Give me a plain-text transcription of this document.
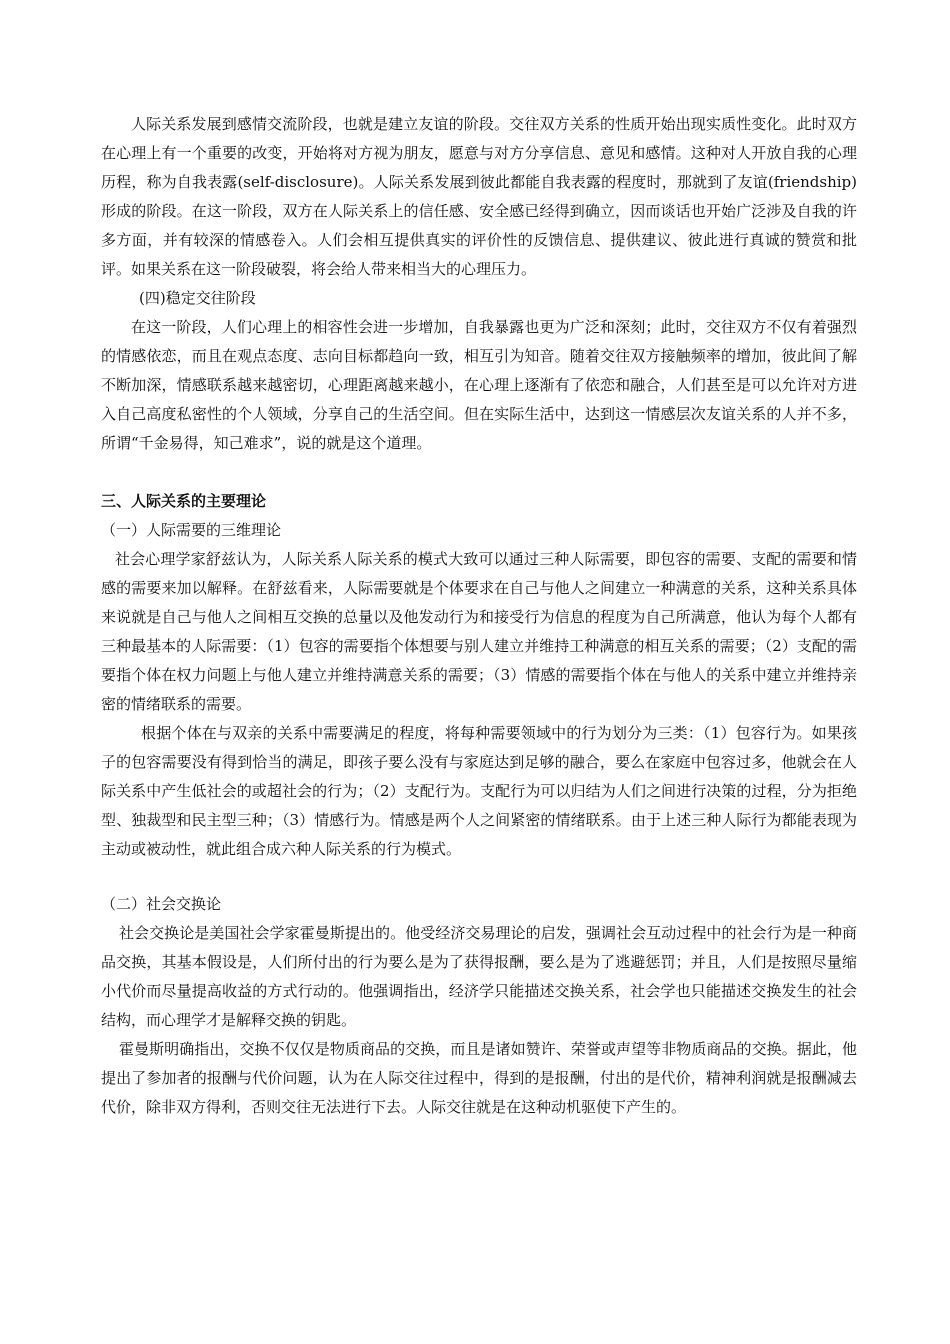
人际关系发展到感情交流阶段，也就是建立友谊的阶段。交往双方关系的性质开始出现实质性变化。此时双方在心理上有一个重要的改变，开始将对方视为朋友，愿意与对方分享信息、意见和感情。这种对人开放自我的心理历程，称为自我表露(self-disclosure)。人际关系发展到彼此都能自我表露的程度时，那就到了友谊(friendship)形成的阶段。在这一阶段，双方在人际关系上的信任感、安全感已经得到确立，因而谈话也开始广泛涉及自我的许多方面，并有较深的情感卷入。人们会相互提供真实的评价性的反馈信息、提供建议、彼此进行真诚的赞赏和批评。如果关系在这一阶段破裂，将会给人带来相当大的心理压力。

(四)稳定交往阶段

在这一阶段，人们心理上的相容性会进一步增加，自我暴露也更为广泛和深刻；此时，交往双方不仅有着强烈的情感依恋，而且在观点态度、志向目标都趋向一致，相互引为知音。随着交往双方接触频率的增加，彼此间了解不断加深，情感联系越来越密切，心理距离越来越小，在心理上逐渐有了依恋和融合，人们甚至是可以允许对方进入自己高度私密性的个人领域，分享自己的生活空间。但在实际生活中，达到这一情感层次友谊关系的人并不多，所谓“千金易得，知己难求”，说的就是这个道理。

三、人际关系的主要理论

（一）人际需要的三维理论

社会心理学家舒兹认为，人际关系人际关系的模式大致可以通过三种人际需要，即包容的需要、支配的需要和情感的需要来加以解释。在舒兹看来，人际需要就是个体要求在自己与他人之间建立一种满意的关系，这种关系具体来说就是自己与他人之间相互交换的总量以及他发动行为和接受行为信息的程度为自己所满意，他认为每个人都有三种最基本的人际需要：（1）包容的需要指个体想要与别人建立并维持工种满意的相互关系的需要；（2）支配的需要指个体在权力问题上与他人建立并维持满意关系的需要；（3）情感的需要指个体在与他人的关系中建立并维持亲密的情绪联系的需要。

根据个体在与双亲的关系中需要满足的程度，将每种需要领域中的行为划分为三类：（1）包容行为。如果孩子的包容需要没有得到恰当的满足，即孩子要么没有与家庭达到足够的融合，要么在家庭中包容过多，他就会在人际关系中产生低社会的或超社会的行为；（2）支配行为。支配行为可以归结为人们之间进行决策的过程，分为拒绝型、独裁型和民主型三种；（3）情感行为。情感是两个人之间紧密的情绪联系。由于上述三种人际行为都能表现为主动或被动性，就此组合成六种人际关系的行为模式。

（二）社会交换论

社会交换论是美国社会学家霍曼斯提出的。他受经济交易理论的启发，强调社会互动过程中的社会行为是一种商品交换，其基本假设是，人们所付出的行为要么是为了获得报酬，要么是为了逃避惩罚；并且，人们是按照尽量缩小代价而尽量提高收益的方式行动的。他强调指出，经济学只能描述交换关系，社会学也只能描述交换发生的社会结构，而心理学才是解释交换的钥匙。

霍曼斯明确指出，交换不仅仅是物质商品的交换，而且是诸如赞许、荣誉或声望等非物质商品的交换。据此，他提出了参加者的报酬与代价问题，认为在人际交往过程中，得到的是报酬，付出的是代价，精神利润就是报酬减去代价，除非双方得利，否则交往无法进行下去。人际交往就是在这种动机驱使下产生的。
